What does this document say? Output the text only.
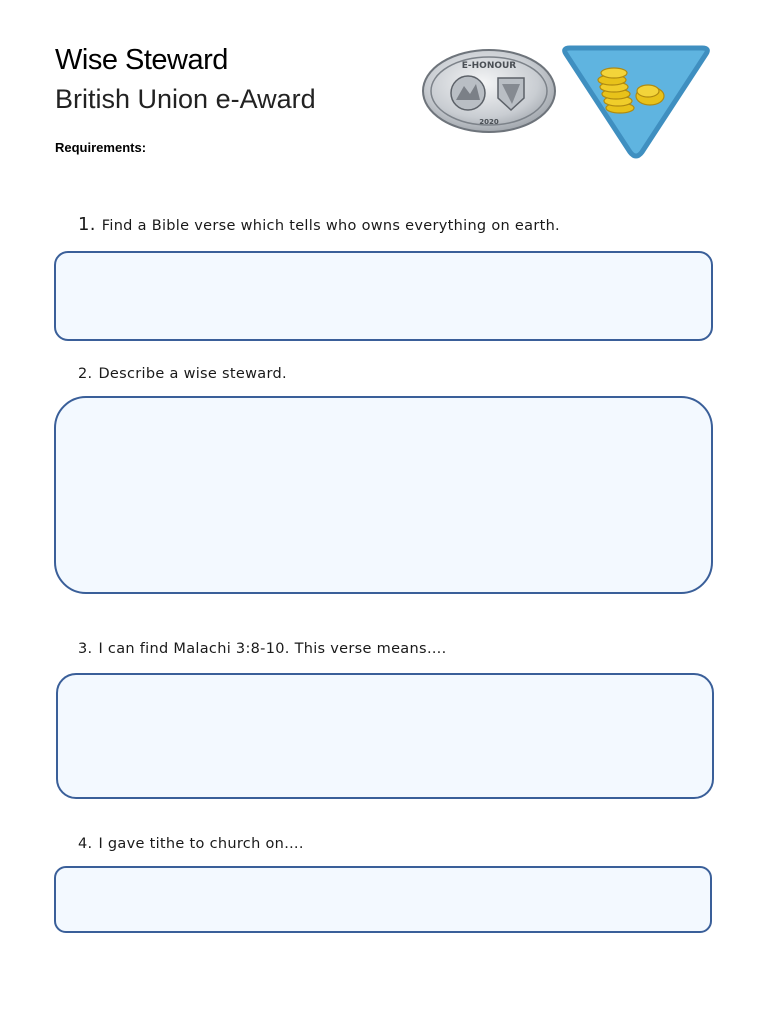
Wise Steward
British Union e-Award
Requirements:
E-HONOUR
2020
1. Find a Bible verse which tells who owns everything on earth.
2. Describe a wise steward.
3. I can find Malachi 3:8-10. This verse means….
4. I gave tithe to church on….
